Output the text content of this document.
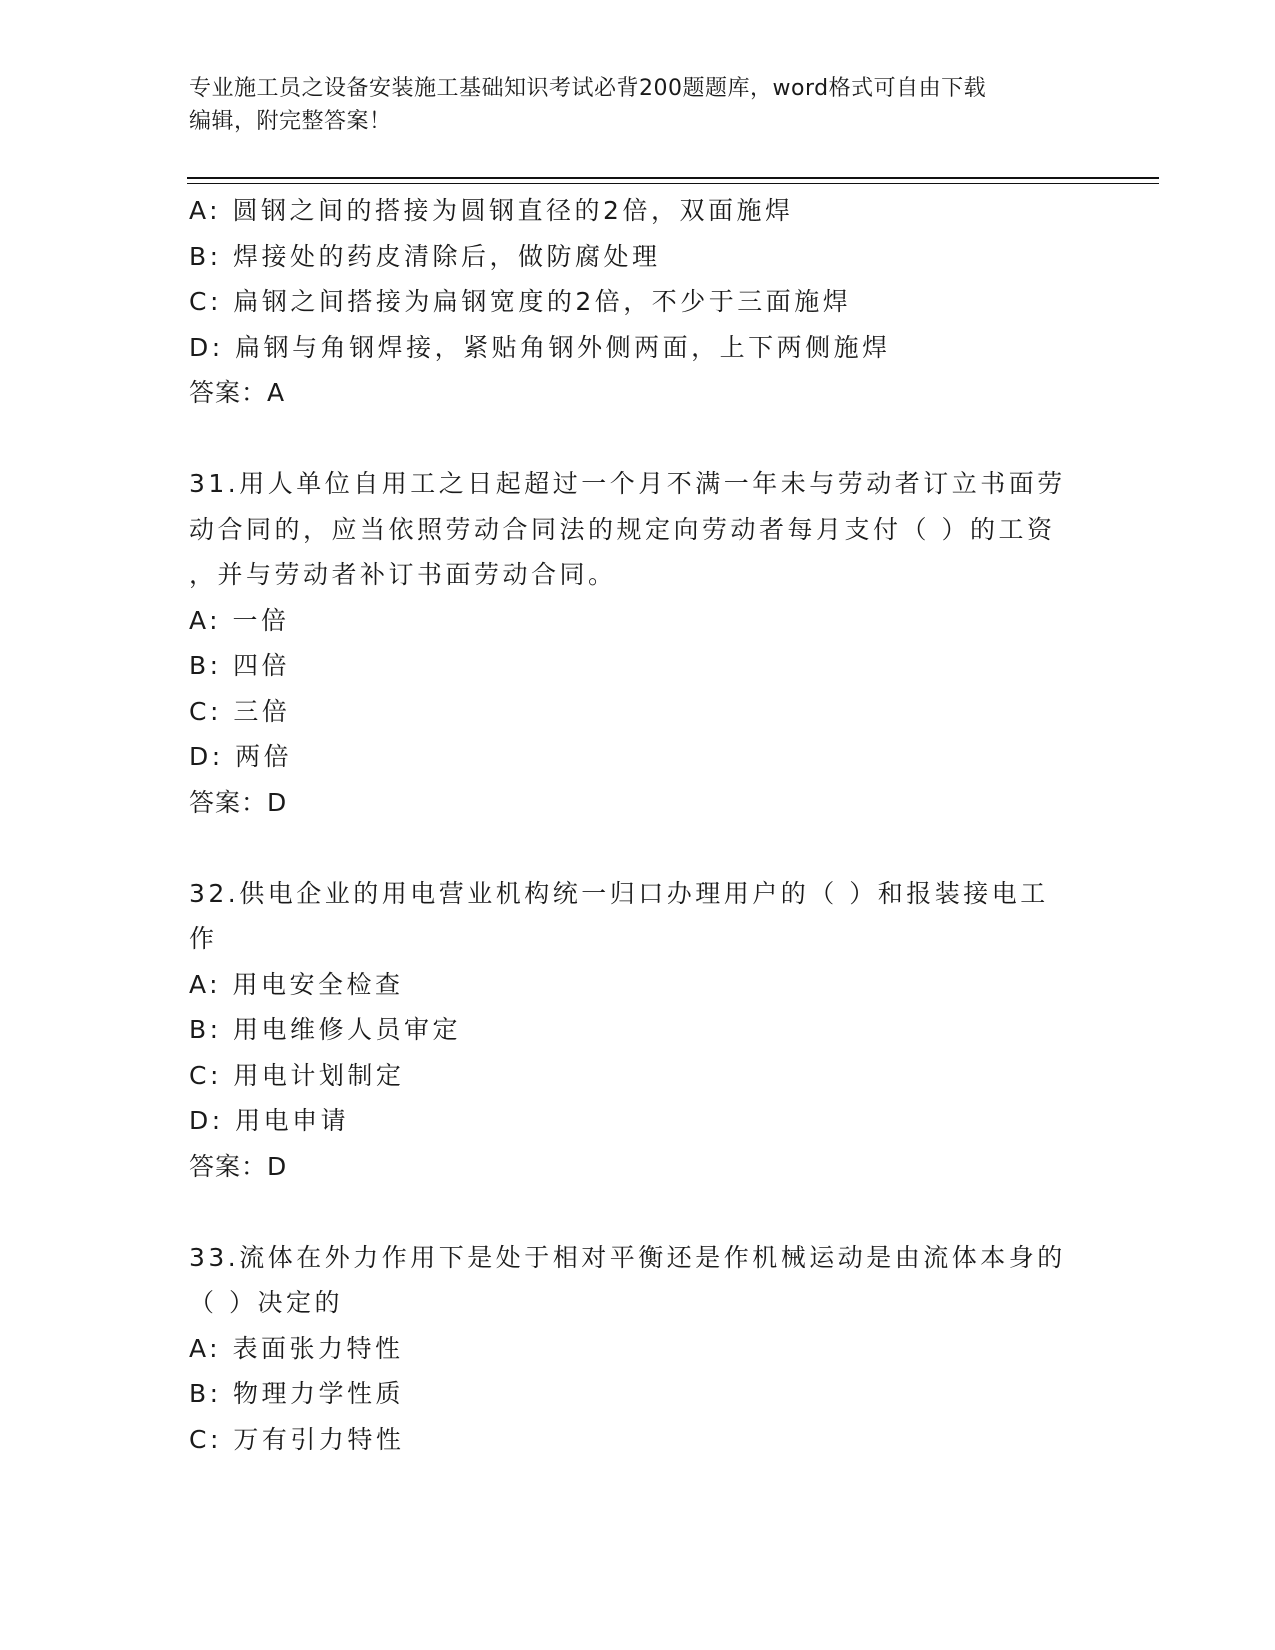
专业施工员之设备安装施工基础知识考试必背200题题库，word格式可自由下载
编辑，附完整答案！
A: 圆钢之间的搭接为圆钢直径的2倍，双面施焊
B: 焊接处的药皮清除后，做防腐处理
C: 扁钢之间搭接为扁钢宽度的2倍，不少于三面施焊
D: 扁钢与角钢焊接，紧贴角钢外侧两面，上下两侧施焊
答案：A
31.用人单位自用工之日起超过一个月不满一年未与劳动者订立书面劳
动合同的，应当依照劳动合同法的规定向劳动者每月支付（ ）的工资
，并与劳动者补订书面劳动合同。
A: 一倍
B: 四倍
C: 三倍
D: 两倍
答案：D
32.供电企业的用电营业机构统一归口办理用户的（ ）和报装接电工
作
A: 用电安全检查
B: 用电维修人员审定
C: 用电计划制定
D: 用电申请
答案：D
33.流体在外力作用下是处于相对平衡还是作机械运动是由流体本身的
（ ）决定的
A: 表面张力特性
B: 物理力学性质
C: 万有引力特性
